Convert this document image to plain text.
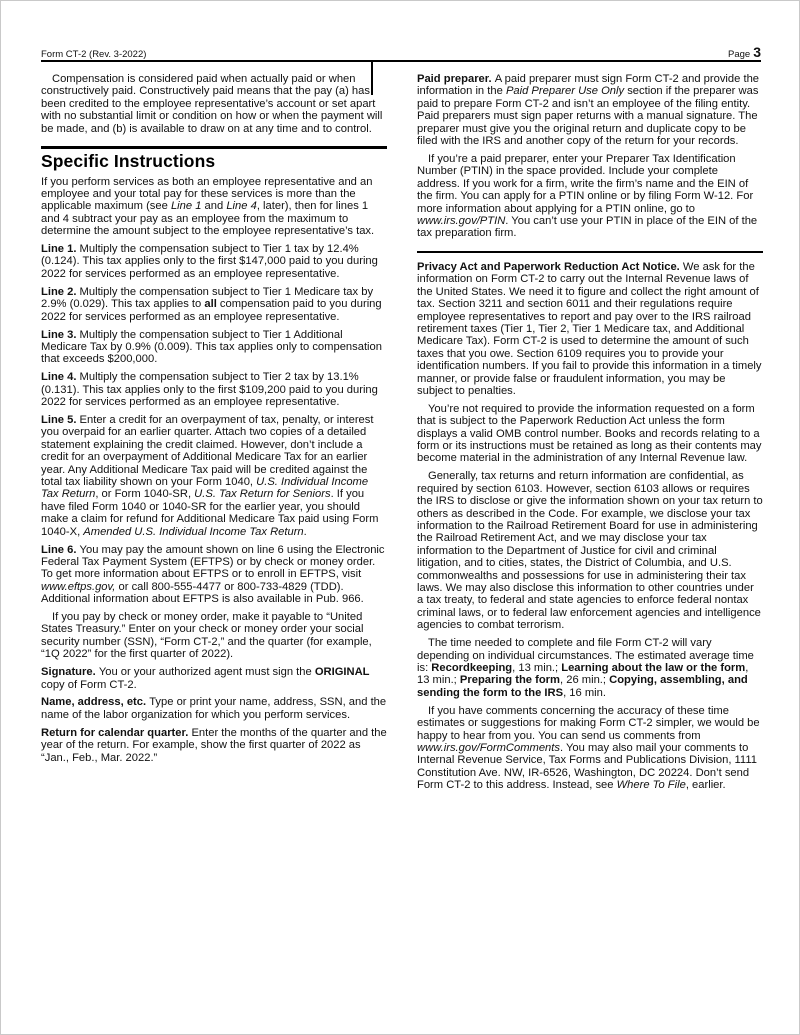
Form CT-2 (Rev. 3-2022)	Page 3

Compensation is considered paid when actually paid or when constructively paid. Constructively paid means that the pay (a) has been credited to the employee representative’s account or set apart with no substantial limit or condition on how or when the payment will be made, and (b) is available to draw on at any time and to control.

Specific Instructions

If you perform services as both an employee representative and an employee and your total pay for these services is more than the applicable maximum (see Line 1 and Line 4, later), then for lines 1 and 4 subtract your pay as an employee from the maximum to determine the amount subject to the employee representative’s tax.

Line 1. Multiply the compensation subject to Tier 1 tax by 12.4% (0.124). This tax applies only to the first $147,000 paid to you during 2022 for services performed as an employee representative.

Line 2. Multiply the compensation subject to Tier 1 Medicare tax by 2.9% (0.029). This tax applies to all compensation paid to you during 2022 for services performed as an employee representative.

Line 3. Multiply the compensation subject to Tier 1 Additional Medicare Tax by 0.9% (0.009). This tax applies only to compensation that exceeds $200,000.

Line 4. Multiply the compensation subject to Tier 2 tax by 13.1% (0.131). This tax applies only to the first $109,200 paid to you during 2022 for services performed as an employee representative.

Line 5. Enter a credit for an overpayment of tax, penalty, or interest you overpaid for an earlier quarter. Attach two copies of a detailed statement explaining the credit claimed. However, don’t include a credit for an overpayment of Additional Medicare Tax for an earlier year. Any Additional Medicare Tax paid will be credited against the total tax liability shown on your Form 1040, U.S. Individual Income Tax Return, or Form 1040-SR, U.S. Tax Return for Seniors. If you have filed Form 1040 or 1040-SR for the earlier year, you should make a claim for refund for Additional Medicare Tax paid using Form 1040-X, Amended U.S. Individual Income Tax Return.

Line 6. You may pay the amount shown on line 6 using the Electronic Federal Tax Payment System (EFTPS) or by check or money order. To get more information about EFTPS or to enroll in EFTPS, visit www.eftps.gov, or call 800-555-4477 or 800-733-4829 (TDD). Additional information about EFTPS is also available in Pub. 966.

If you pay by check or money order, make it payable to “United States Treasury.” Enter on your check or money order your social security number (SSN), “Form CT-2,” and the quarter (for example, “1Q 2022” for the first quarter of 2022).

Signature. You or your authorized agent must sign the ORIGINAL copy of Form CT-2.

Name, address, etc. Type or print your name, address, SSN, and the name of the labor organization for which you perform services.

Return for calendar quarter. Enter the months of the quarter and the year of the return. For example, show the first quarter of 2022 as “Jan., Feb., Mar. 2022.”

Paid preparer. A paid preparer must sign Form CT-2 and provide the information in the Paid Preparer Use Only section if the preparer was paid to prepare Form CT-2 and isn’t an employee of the filing entity. Paid preparers must sign paper returns with a manual signature. The preparer must give you the original return and duplicate copy to be filed with the IRS and another copy of the return for your records.

If you’re a paid preparer, enter your Preparer Tax Identification Number (PTIN) in the space provided. Include your complete address. If you work for a firm, write the firm’s name and the EIN of the firm. You can apply for a PTIN online or by filing Form W-12. For more information about applying for a PTIN online, go to www.irs.gov/PTIN. You can’t use your PTIN in place of the EIN of the tax preparation firm.

Privacy Act and Paperwork Reduction Act Notice. We ask for the information on Form CT-2 to carry out the Internal Revenue laws of the United States. We need it to figure and collect the right amount of tax. Section 3211 and section 6011 and their regulations require employee representatives to report and pay over to the IRS railroad retirement taxes (Tier 1, Tier 2, Tier 1 Medicare tax, and Additional Medicare Tax). Form CT-2 is used to determine the amount of such taxes that you owe. Section 6109 requires you to provide your identification numbers. If you fail to provide this information in a timely manner, or provide false or fraudulent information, you may be subject to penalties.

You’re not required to provide the information requested on a form that is subject to the Paperwork Reduction Act unless the form displays a valid OMB control number. Books and records relating to a form or its instructions must be retained as long as their contents may become material in the administration of any Internal Revenue law.

Generally, tax returns and return information are confidential, as required by section 6103. However, section 6103 allows or requires the IRS to disclose or give the information shown on your tax return to others as described in the Code. For example, we disclose your tax information to the Railroad Retirement Board for use in administering the Railroad Retirement Act, and we may disclose your tax information to the Department of Justice for civil and criminal litigation, and to cities, states, the District of Columbia, and U.S. commonwealths and possessions for use in administering their tax laws. We may also disclose this information to other countries under a tax treaty, to federal and state agencies to enforce federal nontax criminal laws, or to federal law enforcement agencies and intelligence agencies to combat terrorism.

The time needed to complete and file Form CT-2 will vary depending on individual circumstances. The estimated average time is: Recordkeeping, 13 min.; Learning about the law or the form, 13 min.; Preparing the form, 26 min.; Copying, assembling, and sending the form to the IRS, 16 min.

If you have comments concerning the accuracy of these time estimates or suggestions for making Form CT-2 simpler, we would be happy to hear from you. You can send us comments from www.irs.gov/FormComments. You may also mail your comments to Internal Revenue Service, Tax Forms and Publications Division, 1111 Constitution Ave. NW, IR-6526, Washington, DC 20224. Don’t send Form CT-2 to this address. Instead, see Where To File, earlier.
